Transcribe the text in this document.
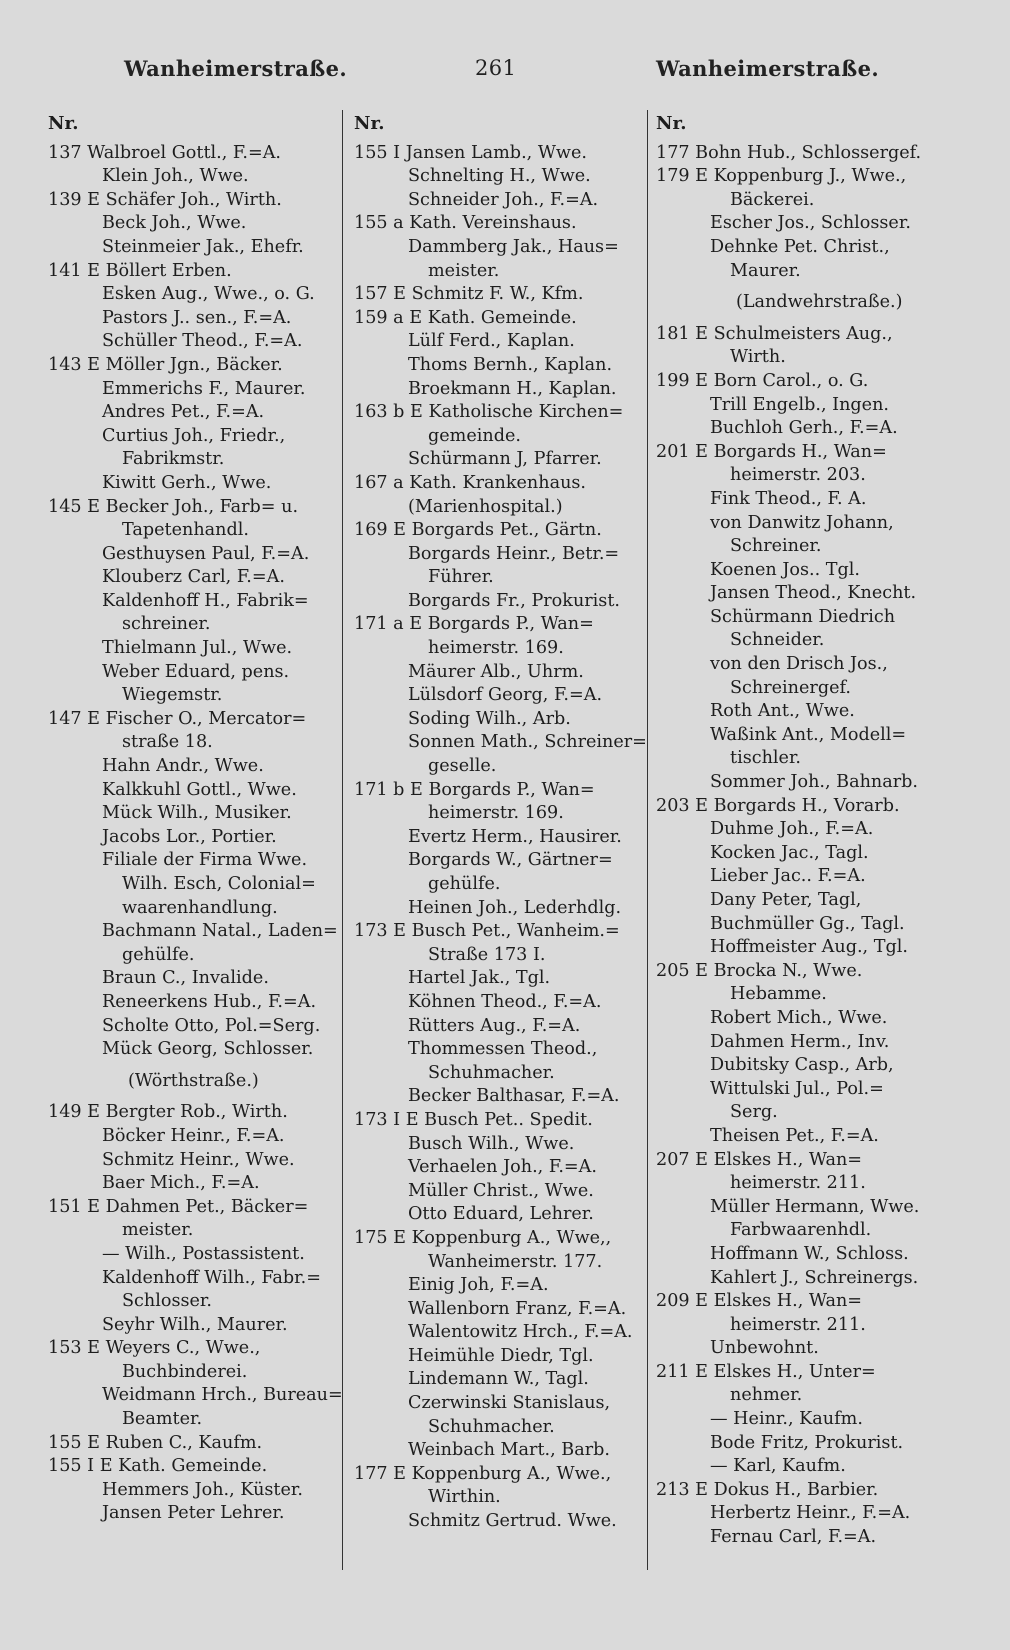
Wanheimerstraße.	261	Wanheimerstraße.
Nr.
137 Walbroel Gottl., F.=A.
Klein Joh., Wwe.
139 E Schäfer Joh., Wirth.
Beck Joh., Wwe.
Steinmeier Jak., Ehefr.
141 E Böllert Erben.
Esken Aug., Wwe., o. G.
Pastors J.. sen., F.=A.
Schüller Theod., F.=A.
143 E Möller Jgn., Bäcker.
Emmerichs F., Maurer.
Andres Pet., F.=A.
Curtius Joh., Friedr.,
Fabrikmstr.
Kiwitt Gerh., Wwe.
145 E Becker Joh., Farb= u.
Tapetenhandl.
Gesthuysen Paul, F.=A.
Klouberz Carl, F.=A.
Kaldenhoff H., Fabrik=
schreiner.
Thielmann Jul., Wwe.
Weber Eduard, pens.
Wiegemstr.
147 E Fischer O., Mercator=
straße 18.
Hahn Andr., Wwe.
Kalkkuhl Gottl., Wwe.
Mück Wilh., Musiker.
Jacobs Lor., Portier.
Filiale der Firma Wwe.
Wilh. Esch, Colonial=
waarenhandlung.
Bachmann Natal., Laden=
gehülfe.
Braun C., Invalide.
Reneerkens Hub., F.=A.
Scholte Otto, Pol.=Serg.
Mück Georg, Schlosser.
(Wörthstraße.)
149 E Bergter Rob., Wirth.
Böcker Heinr., F.=A.
Schmitz Heinr., Wwe.
Baer Mich., F.=A.
151 E Dahmen Pet., Bäcker=
meister.
— Wilh., Postassistent.
Kaldenhoff Wilh., Fabr.=
Schlosser.
Seyhr Wilh., Maurer.
153 E Weyers C., Wwe.,
Buchbinderei.
Weidmann Hrch., Bureau=
Beamter.
155 E Ruben C., Kaufm.
155 I E Kath. Gemeinde.
Hemmers Joh., Küster.
Jansen Peter Lehrer.
Nr.
155 I Jansen Lamb., Wwe.
Schnelting H., Wwe.
Schneider Joh., F.=A.
155 a Kath. Vereinshaus.
Dammberg Jak., Haus=
meister.
157 E Schmitz F. W., Kfm.
159 a E Kath. Gemeinde.
Lülf Ferd., Kaplan.
Thoms Bernh., Kaplan.
Broekmann H., Kaplan.
163 b E Katholische Kirchen=
gemeinde.
Schürmann J, Pfarrer.
167 a Kath. Krankenhaus.
(Marienhospital.)
169 E Borgards Pet., Gärtn.
Borgards Heinr., Betr.=
Führer.
Borgards Fr., Prokurist.
171 a E Borgards P., Wan=
heimerstr. 169.
Mäurer Alb., Uhrm.
Lülsdorf Georg, F.=A.
Soding Wilh., Arb.
Sonnen Math., Schreiner=
geselle.
171 b E Borgards P., Wan=
heimerstr. 169.
Evertz Herm., Hausirer.
Borgards W., Gärtner=
gehülfe.
Heinen Joh., Lederhdlg.
173 E Busch Pet., Wanheim.=
Straße 173 I.
Hartel Jak., Tgl.
Köhnen Theod., F.=A.
Rütters Aug., F.=A.
Thommessen Theod.,
Schuhmacher.
Becker Balthasar, F.=A.
173 I E Busch Pet.. Spedit.
Busch Wilh., Wwe.
Verhaelen Joh., F.=A.
Müller Christ., Wwe.
Otto Eduard, Lehrer.
175 E Koppenburg A., Wwe,,
Wanheimerstr. 177.
Einig Joh, F.=A.
Wallenborn Franz, F.=A.
Walentowitz Hrch., F.=A.
Heimühle Diedr, Tgl.
Lindemann W., Tagl.
Czerwinski Stanislaus,
Schuhmacher.
Weinbach Mart., Barb.
177 E Koppenburg A., Wwe.,
Wirthin.
Schmitz Gertrud. Wwe.
Nr.
177 Bohn Hub., Schlossergef.
179 E Koppenburg J., Wwe.,
Bäckerei.
Escher Jos., Schlosser.
Dehnke Pet. Christ.,
Maurer.
(Landwehrstraße.)
181 E Schulmeisters Aug.,
Wirth.
199 E Born Carol., o. G.
Trill Engelb., Ingen.
Buchloh Gerh., F.=A.
201 E Borgards H., Wan=
heimerstr. 203.
Fink Theod., F. A.
von Danwitz Johann,
Schreiner.
Koenen Jos.. Tgl.
Jansen Theod., Knecht.
Schürmann Diedrich
Schneider.
von den Drisch Jos.,
Schreinergef.
Roth Ant., Wwe.
Waßink Ant., Modell=
tischler.
Sommer Joh., Bahnarb.
203 E Borgards H., Vorarb.
Duhme Joh., F.=A.
Kocken Jac., Tagl.
Lieber Jac.. F.=A.
Dany Peter, Tagl,
Buchmüller Gg., Tagl.
Hoffmeister Aug., Tgl.
205 E Brocka N., Wwe.
Hebamme.
Robert Mich., Wwe.
Dahmen Herm., Inv.
Dubitsky Casp., Arb,
Wittulski Jul., Pol.=
Serg.
Theisen Pet., F.=A.
207 E Elskes H., Wan=
heimerstr. 211.
Müller Hermann, Wwe.
Farbwaarenhdl.
Hoffmann W., Schloss.
Kahlert J., Schreinergs.
209 E Elskes H., Wan=
heimerstr. 211.
Unbewohnt.
211 E Elskes H., Unter=
nehmer.
— Heinr., Kaufm.
Bode Fritz, Prokurist.
— Karl, Kaufm.
213 E Dokus H., Barbier.
Herbertz Heinr., F.=A.
Fernau Carl, F.=A.
